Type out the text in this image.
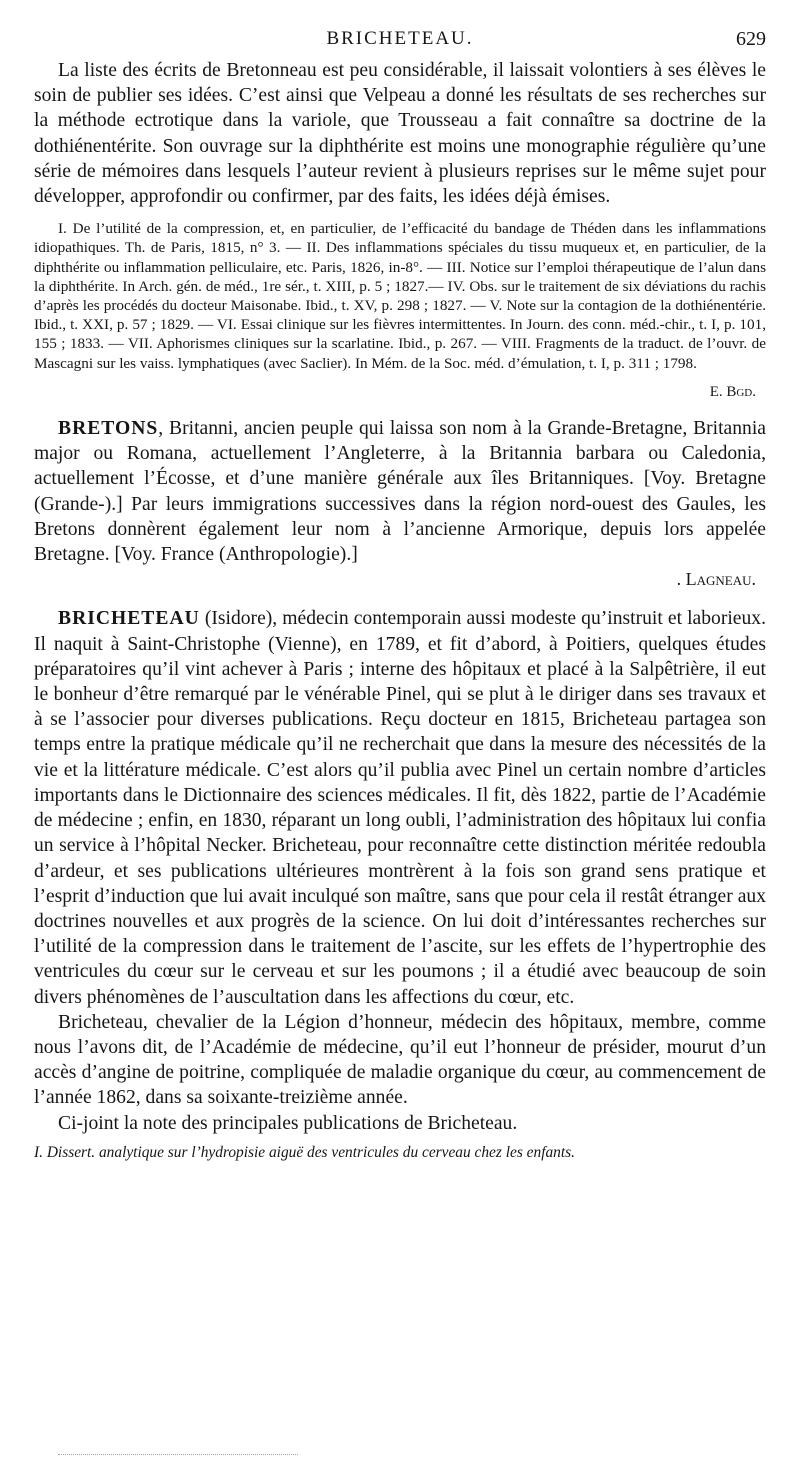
BRICHETEAU.	629

La liste des écrits de Bretonneau est peu considérable, il laissait volontiers à ses élèves le soin de publier ses idées. C’est ainsi que Velpeau a donné les résultats de ses recherches sur la méthode ectrotique dans la variole, que Trousseau a fait connaître sa doctrine de la dothiénentérite. Son ouvrage sur la diphthérite est moins une monographie régulière qu’une série de mémoires dans lesquels l’auteur revient à plusieurs reprises sur le même sujet pour développer, approfondir ou confirmer, par des faits, les idées déjà émises.

I. De l’utilité de la compression, et, en particulier, de l’efficacité du bandage de Théden dans les inflammations idiopathiques. Th. de Paris, 1815, n° 3. — II. Des inflammations spéciales du tissu muqueux et, en particulier, de la diphthérite ou inflammation pelliculaire, etc. Paris, 1826, in-8°. — III. Notice sur l’emploi thérapeutique de l’alun dans la diphthérite. In Arch. gén. de méd., 1re sér., t. XIII, p. 5 ; 1827.— IV. Obs. sur le traitement de six déviations du rachis d’après les procédés du docteur Maisonabe. Ibid., t. XV, p. 298 ; 1827. — V. Note sur la contagion de la dothiénentérie. Ibid., t. XXI, p. 57 ; 1829. — VI. Essai clinique sur les fièvres intermittentes. In Journ. des conn. méd.-chir., t. I, p. 101, 155 ; 1833. — VII. Aphorismes cliniques sur la scarlatine. Ibid., p. 267. — VIII. Fragments de la traduct. de l’ouvr. de Mascagni sur les vaiss. lymphatiques (avec Saclier). In Mém. de la Soc. méd. d’émulation, t. I, p. 311 ; 1798.

E. Bgd.

BRETONS, Britanni, ancien peuple qui laissa son nom à la Grande-Bretagne, Britannia major ou Romana, actuellement l’Angleterre, à la Britannia barbara ou Caledonia, actuellement l’Écosse, et d’une manière générale aux îles Britanniques. [Voy. Bretagne (Grande-).] Par leurs immigrations successives dans la région nord-ouest des Gaules, les Bretons donnèrent également leur nom à l’ancienne Armorique, depuis lors appelée Bretagne. [Voy. France (Anthropologie).]

. Lagneau.

BRICHETEAU (Isidore), médecin contemporain aussi modeste qu’instruit et laborieux. Il naquit à Saint-Christophe (Vienne), en 1789, et fit d’abord, à Poitiers, quelques études préparatoires qu’il vint achever à Paris ; interne des hôpitaux et placé à la Salpêtrière, il eut le bonheur d’être remarqué par le vénérable Pinel, qui se plut à le diriger dans ses travaux et à se l’associer pour diverses publications. Reçu docteur en 1815, Bricheteau partagea son temps entre la pratique médicale qu’il ne recherchait que dans la mesure des nécessités de la vie et la littérature médicale. C’est alors qu’il publia avec Pinel un certain nombre d’articles importants dans le Dictionnaire des sciences médicales. Il fit, dès 1822, partie de l’Académie de médecine ; enfin, en 1830, réparant un long oubli, l’administration des hôpitaux lui confia un service à l’hôpital Necker. Bricheteau, pour reconnaître cette distinction méritée redoubla d’ardeur, et ses publications ultérieures montrèrent à la fois son grand sens pratique et l’esprit d’induction que lui avait inculqué son maître, sans que pour cela il restât étranger aux doctrines nouvelles et aux progrès de la science. On lui doit d’intéressantes recherches sur l’utilité de la compression dans le traitement de l’ascite, sur les effets de l’hypertrophie des ventricules du cœur sur le cerveau et sur les poumons ; il a étudié avec beaucoup de soin divers phénomènes de l’auscultation dans les affections du cœur, etc.

Bricheteau, chevalier de la Légion d’honneur, médecin des hôpitaux, membre, comme nous l’avons dit, de l’Académie de médecine, qu’il eut l’honneur de présider, mourut d’un accès d’angine de poitrine, compliquée de maladie organique du cœur, au commencement de l’année 1862, dans sa soixante-treizième année.

Ci-joint la note des principales publications de Bricheteau.

I. Dissert. analytique sur l’hydropisie aiguë des ventricules du cerveau chez les enfants.
